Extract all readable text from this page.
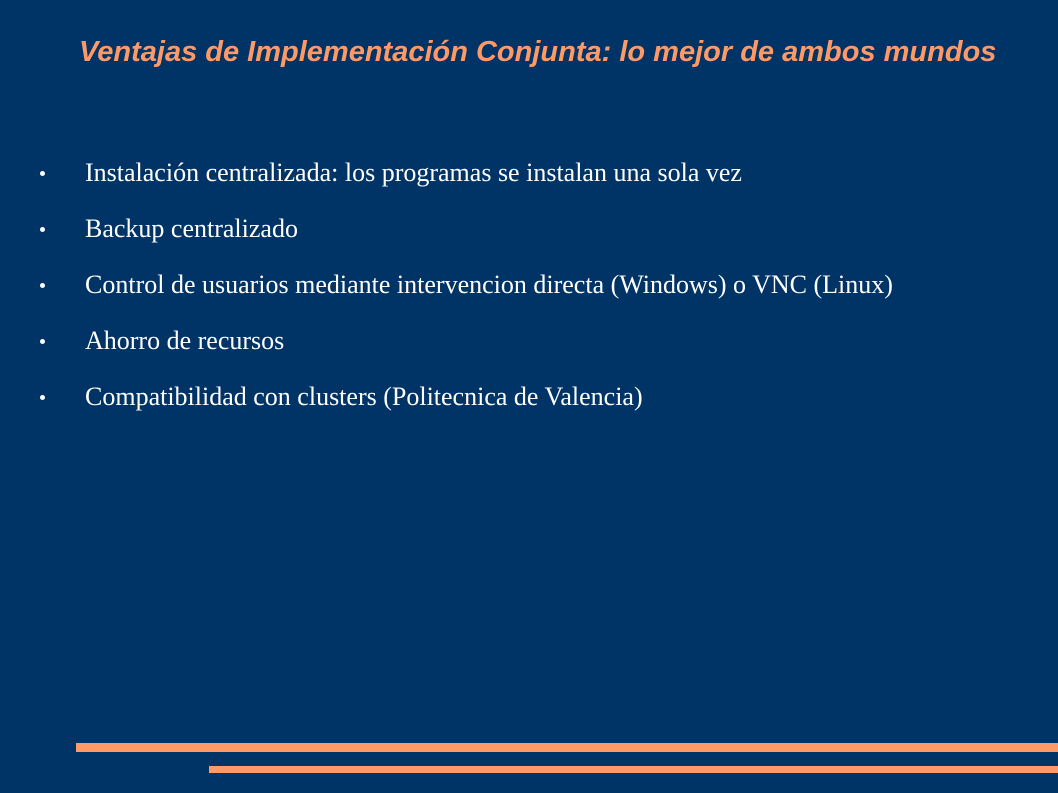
Ventajas de Implementación Conjunta: lo mejor de ambos mundos
Instalación centralizada: los programas se instalan una sola vez
Backup centralizado
Control de usuarios mediante intervencion directa (Windows) o VNC (Linux)
Ahorro de recursos
Compatibilidad con clusters (Politecnica de Valencia)
